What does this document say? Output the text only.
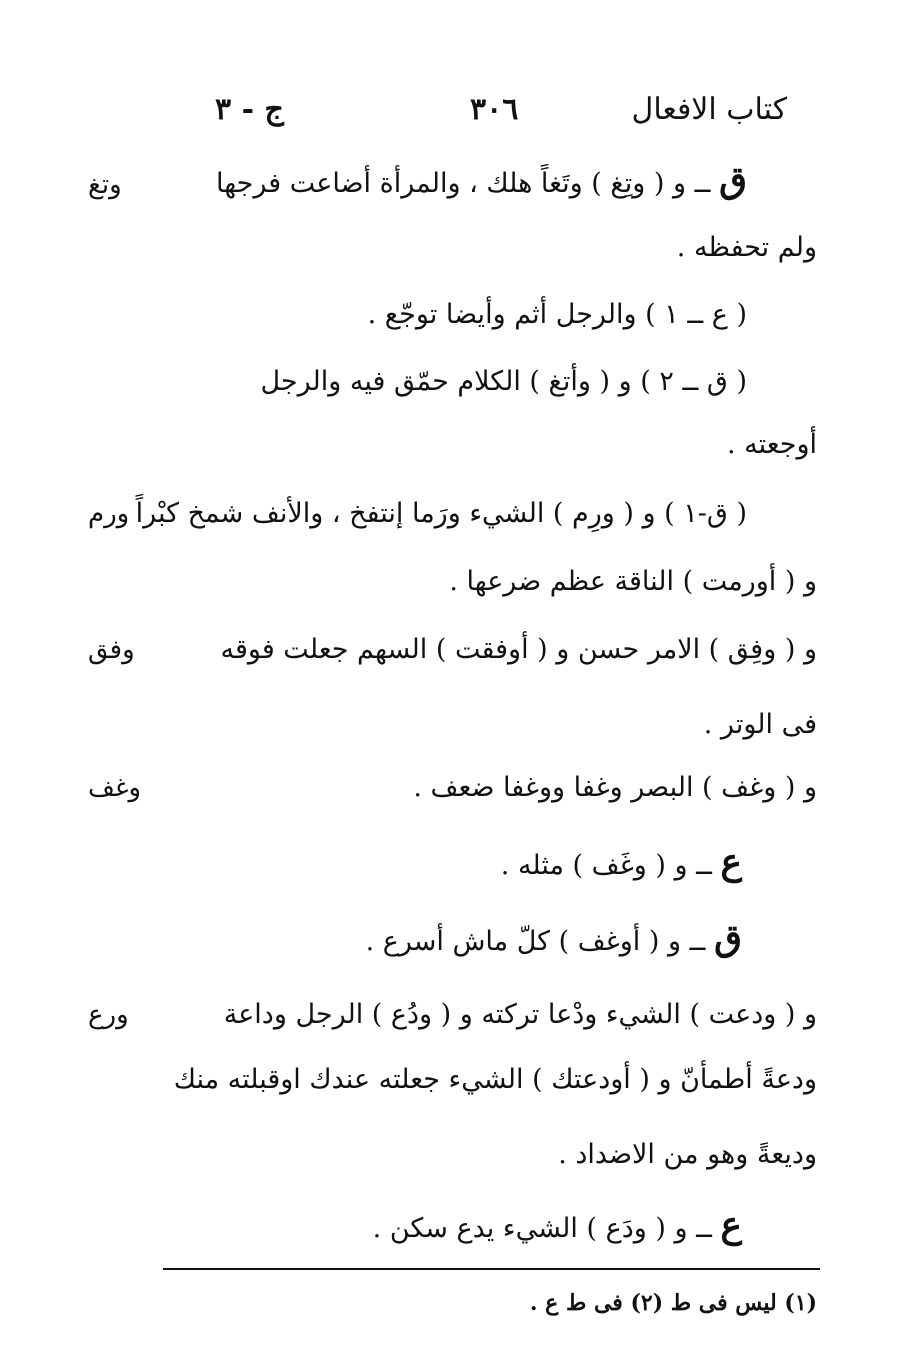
كتاب الافعال
٣٠٦
ج - ٣
وتغ
ورم
وفق
وغف
ورع
ق ــ و ( وتِغ ) وتَغاً هلك ، والمرأة أضاعت فرجها
ولم تحفظه .
( ع ــ ١ ) والرجل أثم وأيضا توجّع .
( ق ــ ٢ ) و ( وأتغ ) الكلام حمّق فيه والرجل
أوجعته .
( ق-١ ) و ( ورِم ) الشيء ورَما إنتفخ ، والأنف شمخ كبْراً
و ( أورمت ) الناقة عظم ضرعها .
و ( وفِق ) الامر حسن و ( أوفقت ) السهم جعلت فوقه
فى الوتر .
و ( وغف ) البصر وغفا ووغفا ضعف .
ع ــ و ( وغَف ) مثله .
ق ــ و ( أوغف ) كلّ ماش أسرع .
و ( ودعت ) الشيء ودْعا تركته و ( ودُع ) الرجل وداعة
ودعةً أطمأنّ و ( أودعتك ) الشيء جعلته عندك اوقبلته منك
وديعةً وهو من الاضداد .
ع ــ و ( ودَع ) الشيء يدع سكن .
(١) ليس فى ط (٢) فى ط ع .
